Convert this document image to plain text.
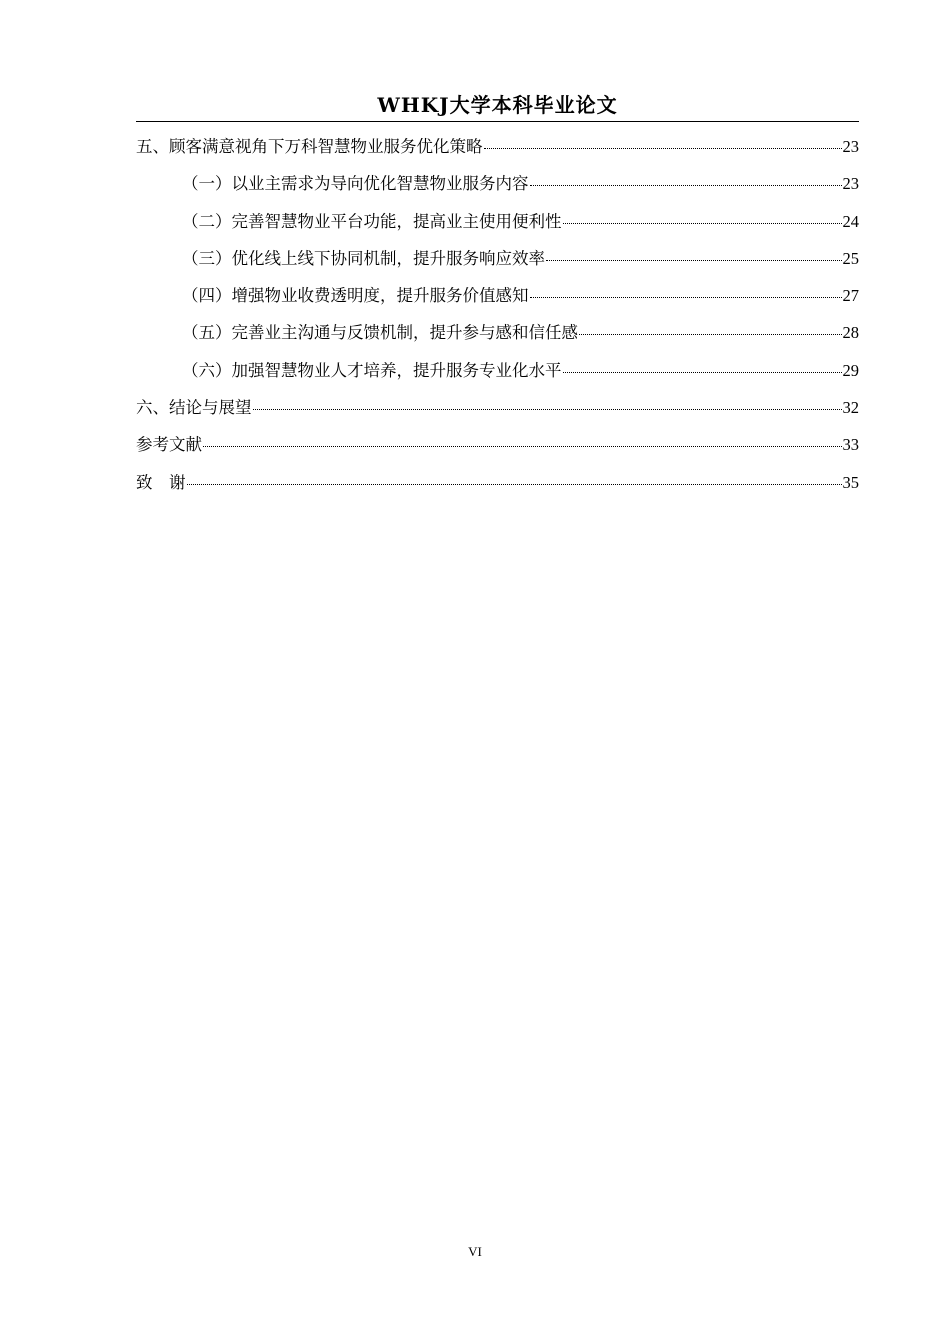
WHKJ大学本科毕业论文
五、顾客满意视角下万科智慧物业服务优化策略	23
（一）以业主需求为导向优化智慧物业服务内容	23
（二）完善智慧物业平台功能，提高业主使用便利性	24
（三）优化线上线下协同机制，提升服务响应效率	25
（四）增强物业收费透明度，提升服务价值感知	27
（五）完善业主沟通与反馈机制，提升参与感和信任感	28
（六）加强智慧物业人才培养，提升服务专业化水平	29
六、结论与展望	32
参考文献	33
致　谢	35
VI
